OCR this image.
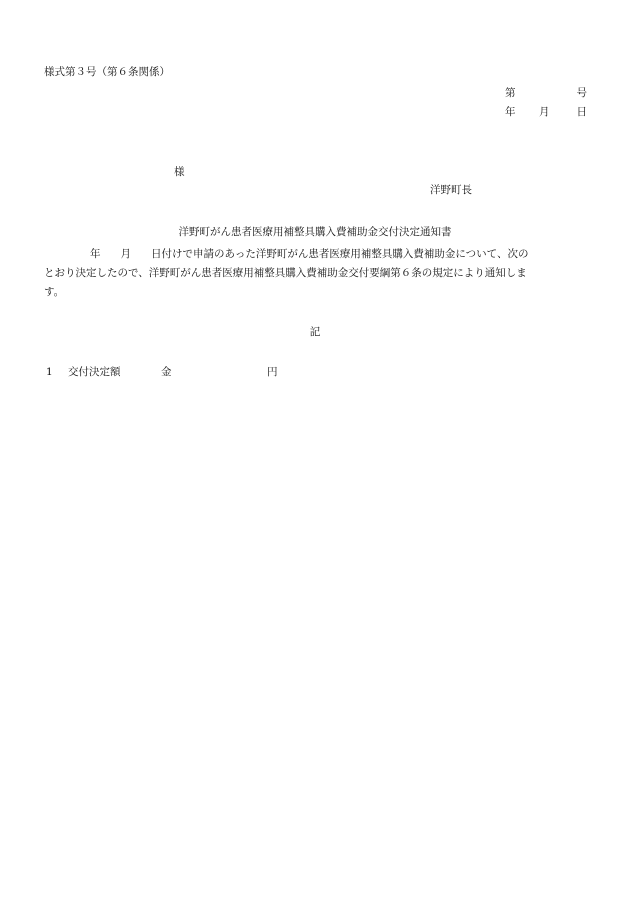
様式第３号（第６条関係）
第	号
年 月	日
様
洋野町長
洋野町がん患者医療用補整具購入費補助金交付決定通知書
年 月 日付けで申請のあった洋野町がん患者医療用補整具購入費補助金について、次の
とおり決定したので、洋野町がん患者医療用補整具購入費補助金交付要綱第６条の規定により通知しま
す。
記
1 交付決定額	金	円
